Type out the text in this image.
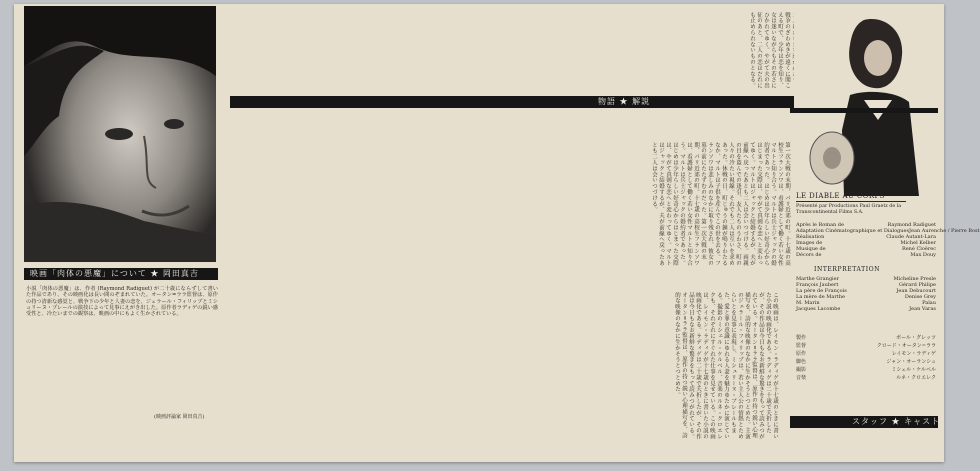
映画「肉体の悪魔」について ★ 岡田真吉
小説「肉体の悪魔」は、作者 (Raymond Radiguet) が二十歳にならずして書いた作品であり、その映画化は長い間のぞまれていた。オータン=ララ監督は、原作の持つ清新な感覚と、戦争下の少年と人妻の恋を、ジェラール・フィリップとミシュリーヌ・プレールの演技によって見事にえがき出した。原作者ラディゲの鋭い感受性と、冷たいまでの観察は、映画の中にもよく生かされている。
(映画評論家 岡田真吉)
戦争のざわめきが遠くに聞こえる町で、少年は恋を知り、女は迷いながらもその若さにひかれてゆく。やがて夫の出征のあと、二人の恋はだれにも止められないものとなる。
物語 ★ 解説
第一次大戦の末期、パリ近郊の町。十七歳の高校生フランソワは、看護婦として働く若い女性マルトと知り合う。マルトは兵士ジャックの婚約者であった。はじめは少年らしい好奇心からはじまった交際は、やがて真剣な恋へと変わってゆく。マルトはジャックと結婚するが、夫が前線へ戻ったあとも二人は会いつづける。両親の目を盗んでの逢引、友人たちのうわさ、町の人々の冷たい視線。それでも二人は互いを求めあった。休戦の日、町じゅうの鐘が鳴りわたるなか、マルトは子供を産んでこの世を去る。フランソワは悲しみのなかに取り残され、彼女の墓の前にたたずむのだった。第一次大戦の末期、パリ近郊の町。十七歳の高校生フランソワは、看護婦として働く若い女性マルトと知り合う。マルトは兵士ジャックの婚約者であった。はじめは少年らしい好奇心からはじまった交際は、やがて真剣な恋へと変わってゆく。マルトはジャックと結婚するが、夫が前線へ戻ったあとも二人は会いつづける。
この映画は、レイモン・ラディゲが十七歳のときに書いた小説の映画化である。ラディゲは二十歳で夭折したが、その作品は今日もなお新鮮な驚きをもって読みつがれている。オータン=ララ監督は、原作の持つ鋭い心理描写を、詩的な映像のなかに生かそうとつとめた。主演のジェラール・フィリップは、若い主人公の情熱とためらいとを見事に表現し、ミシュリーヌ・プレールもまた、愛と罪の意識にゆれる人妻を魅力ゆたかに演じている。撮影のミシェル・ケルベル、音楽のルネ・クロエレクも、それぞれにすぐれた仕事を見せている。この映画は、レイモン・ラディゲが十七歳のときに書いた小説の映画化である。ラディゲは二十歳で夭折したが、その作品は今日もなお新鮮な驚きをもって読みつがれている。オータン=ララ監督は、原作の持つ鋭い心理描写を、詩的な映像のなかに生かそうとつとめた。
LE DIABLE AU CORPS
Présenté par Productions Paul Graetz de la Transcontinental Films S.A.
Après le Roman de	Raymond Radiguet
Adaptation Cinématographique et Dialogues Jean Aurenche / Pierre Bost
Réalisation	Claude Autant-Lara
Images de	Michel Kelber
Musique de	René Cloërec
Décors de	Max Douy
INTERPRETATION
Marthe Grangier	Micheline Presle
François Jaubert	Gérard Philipe
La père de François	Jean Debucourt
La mère de Marthe	Denise Grey
M. Marin	Palau
Jacques Lacombe	Jean Varas
製作	ポール・グレッツ
監督	クロード・オータン=ララ
原作	レイモン・ラディゲ
脚色	ジャン・オーランシュ
撮影	ミシェル・ケルベル
音楽	ルネ・クロエレク
スタッフ ★ キャスト
